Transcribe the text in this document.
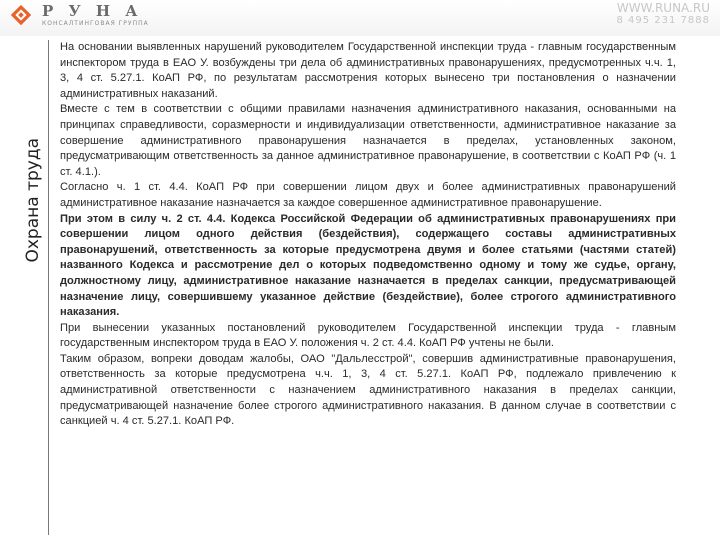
Р У Н А
КОНСАЛТИНГОВАЯ ГРУППА
WWW.RUNA.RU
8 495 231 7888
Охрана труда

На основании выявленных нарушений руководителем Государственной инспекции труда - главным государственным инспектором труда в ЕАО У. возбуждены три дела об административных правонарушениях, предусмотренных ч.ч. 1, 3, 4 ст. 5.27.1. КоАП РФ, по результатам рассмотрения которых вынесено три постановления о назначении административных наказаний.

Вместе с тем в соответствии с общими правилами назначения административного наказания, основанными на принципах справедливости, соразмерности и индивидуализации ответственности, административное наказание за совершение административного правонарушения назначается в пределах, установленных законом, предусматривающим ответственность за данное административное правонарушение, в соответствии с КоАП РФ (ч. 1 ст. 4.1.).

Согласно ч. 1 ст. 4.4. КоАП РФ при совершении лицом двух и более административных правонарушений административное наказание назначается за каждое совершенное административное правонарушение.

При этом в силу ч. 2 ст. 4.4. Кодекса Российской Федерации об административных правонарушениях при совершении лицом одного действия (бездействия), содержащего составы административных правонарушений, ответственность за которые предусмотрена двумя и более статьями (частями статей) названного Кодекса и рассмотрение дел о которых подведомственно одному и тому же судье, органу, должностному лицу, административное наказание назначается в пределах санкции, предусматривающей назначение лицу, совершившему указанное действие (бездействие), более строгого административного наказания.

При вынесении указанных постановлений руководителем Государственной инспекции труда - главным государственным инспектором труда в ЕАО У. положения ч. 2 ст. 4.4. КоАП РФ учтены не были.

Таким образом, вопреки доводам жалобы, ОАО "Дальлесстрой", совершив административные правонарушения, ответственность за которые предусмотрена ч.ч. 1, 3, 4 ст. 5.27.1. КоАП РФ, подлежало привлечению к административной ответственности с назначением административного наказания в пределах санкции, предусматривающей назначение более строгого административного наказания. В данном случае в соответствии с санкцией ч. 4 ст. 5.27.1. КоАП РФ.
